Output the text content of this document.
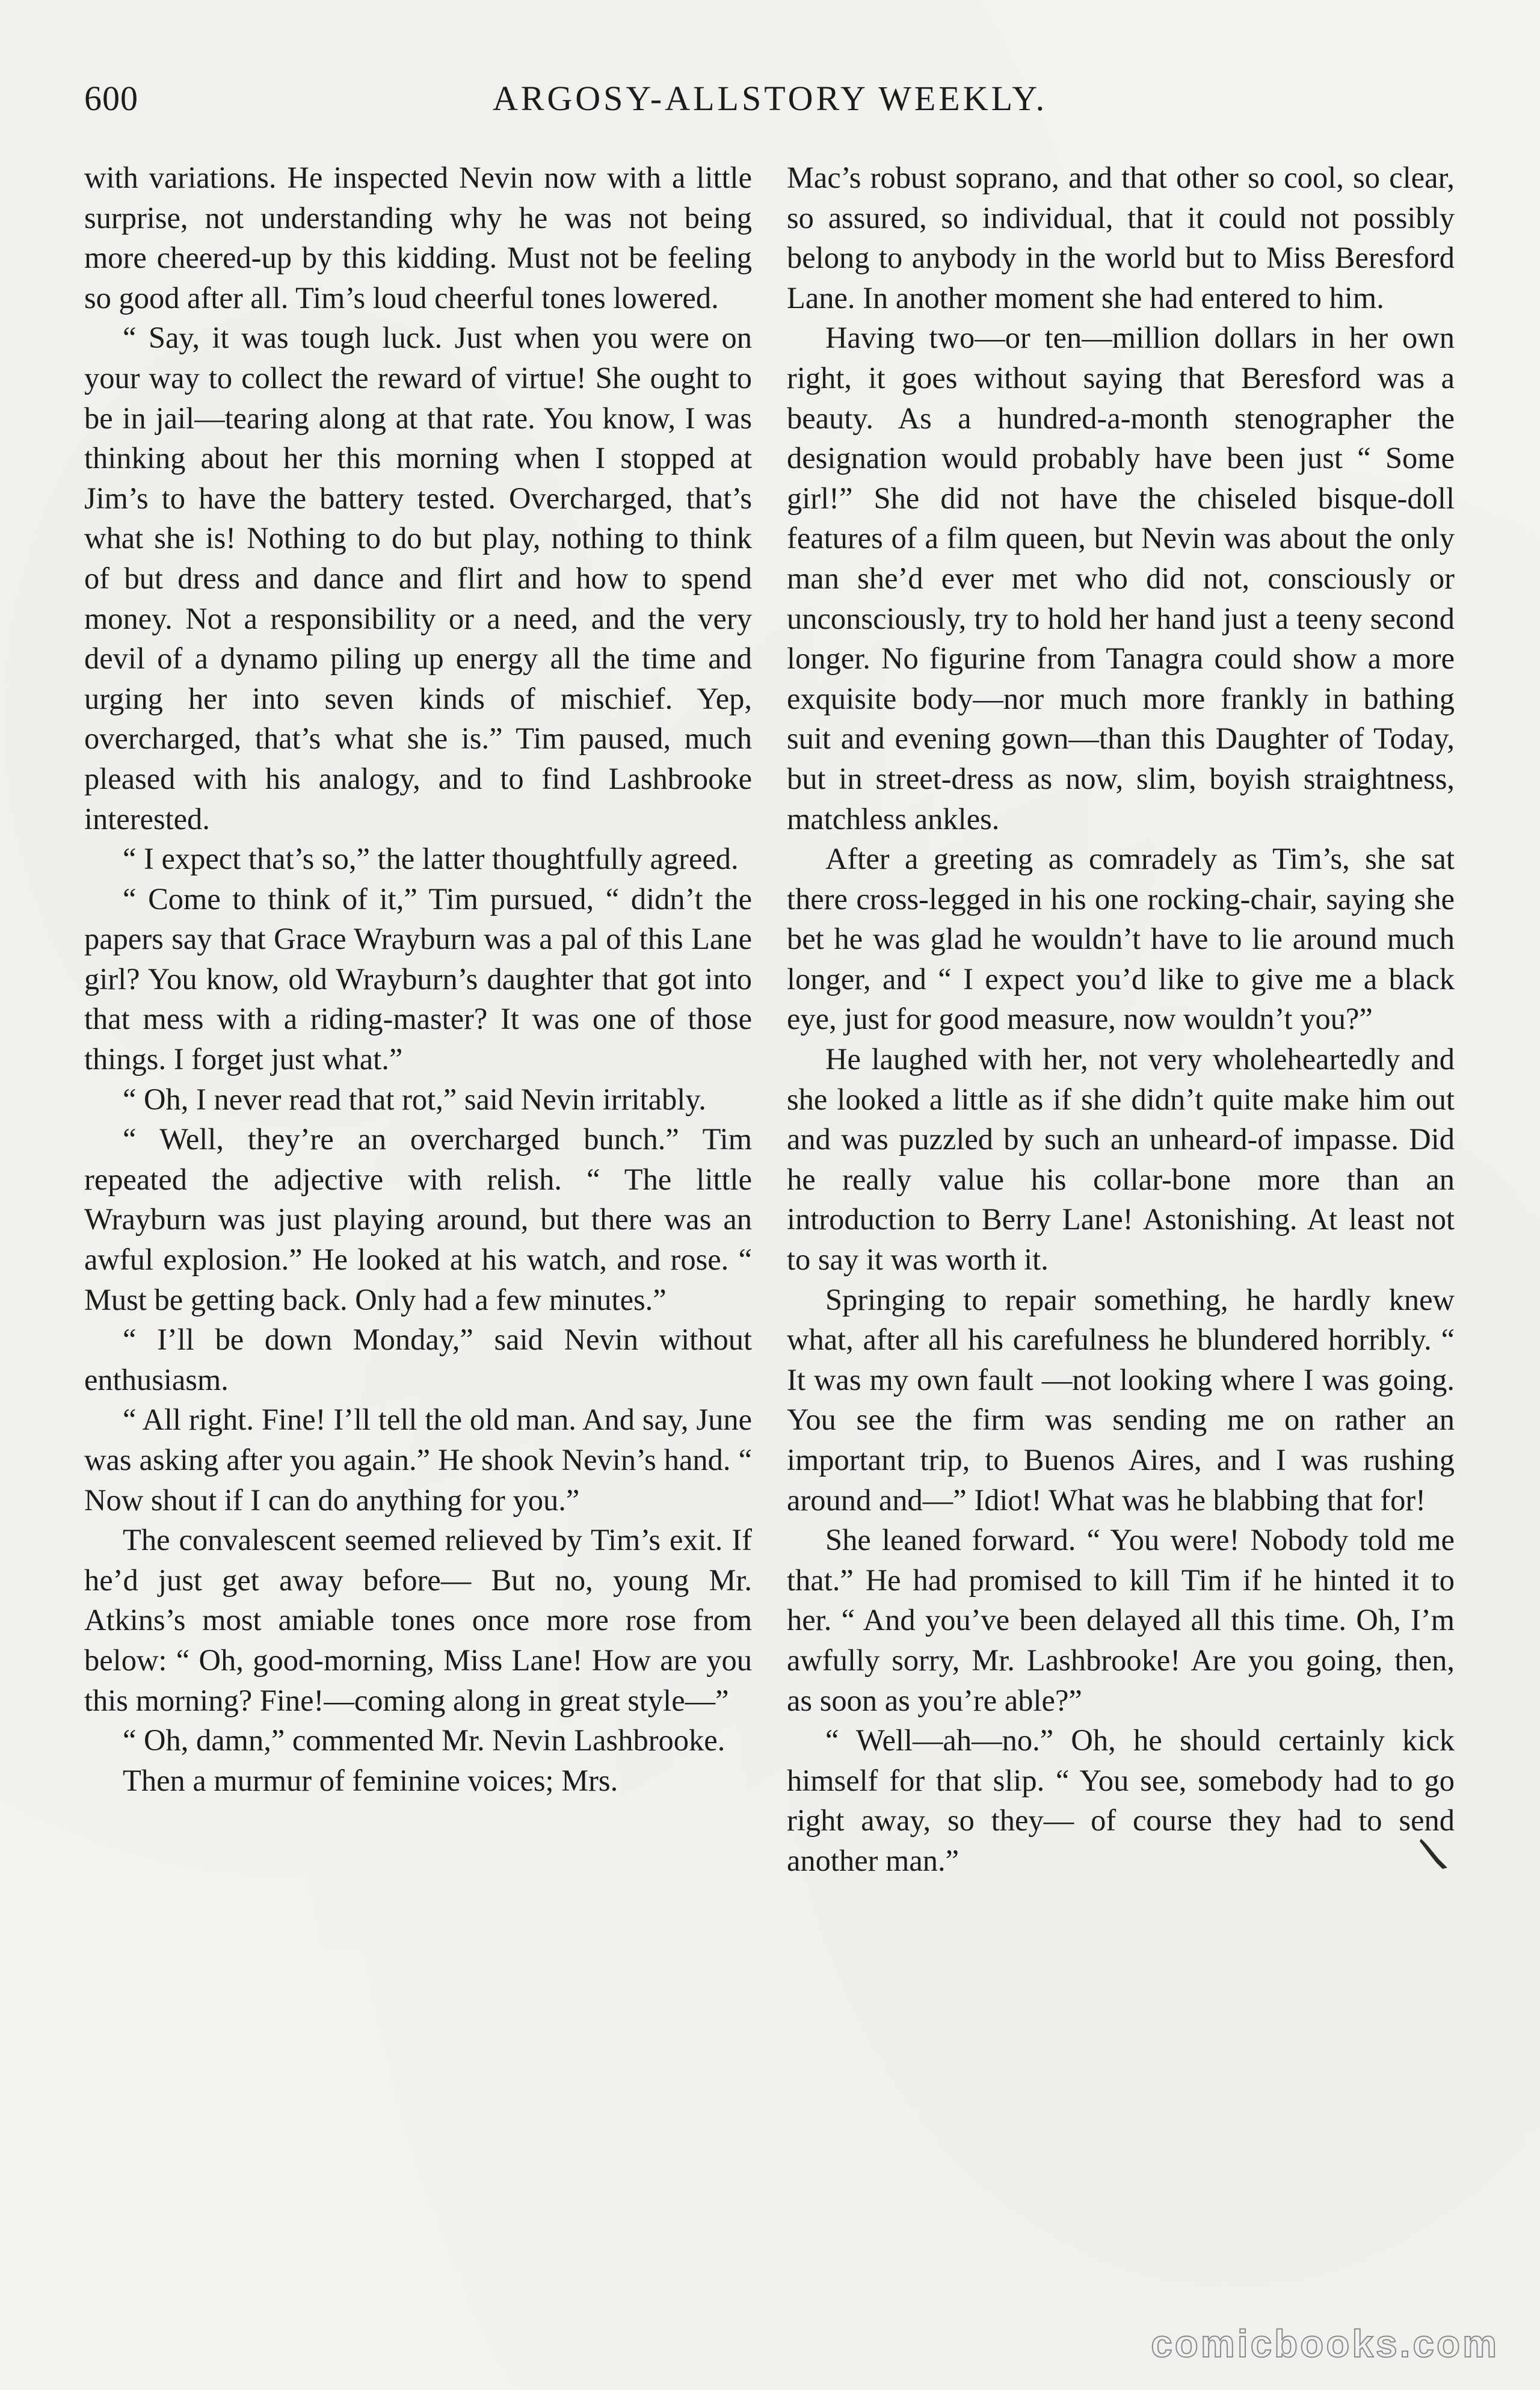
600	ARGOSY-ALLSTORY WEEKLY.

with variations. He inspected Nevin now with a little surprise, not understanding why he was not being more cheered-up by this kidding. Must not be feeling so good after all. Tim’s loud cheerful tones lowered.

“ Say, it was tough luck. Just when you were on your way to collect the reward of virtue! She ought to be in jail—tearing along at that rate. You know, I was thinking about her this morning when I stopped at Jim’s to have the battery tested. Overcharged, that’s what she is! Nothing to do but play, nothing to think of but dress and dance and flirt and how to spend money. Not a responsibility or a need, and the very devil of a dynamo piling up energy all the time and urging her into seven kinds of mischief. Yep, overcharged, that’s what she is.” Tim paused, much pleased with his analogy, and to find Lashbrooke interested.

“ I expect that’s so,” the latter thoughtfully agreed.

“ Come to think of it,” Tim pursued, “ didn’t the papers say that Grace Wrayburn was a pal of this Lane girl? You know, old Wrayburn’s daughter that got into that mess with a riding-master? It was one of those things. I forget just what.”

“ Oh, I never read that rot,” said Nevin irritably.

“ Well, they’re an overcharged bunch.” Tim repeated the adjective with relish. “ The little Wrayburn was just playing around, but there was an awful explosion.” He looked at his watch, and rose. “ Must be getting back. Only had a few minutes.”

“ I’ll be down Monday,” said Nevin without enthusiasm.

“ All right. Fine! I’ll tell the old man. And say, June was asking after you again.” He shook Nevin’s hand. “ Now shout if I can do anything for you.”

The convalescent seemed relieved by Tim’s exit. If he’d just get away before— But no, young Mr. Atkins’s most amiable tones once more rose from below: “ Oh, good-morning, Miss Lane! How are you this morning? Fine!—coming along in great style—”

“ Oh, damn,” commented Mr. Nevin Lashbrooke.

Then a murmur of feminine voices; Mrs.

Mac’s robust soprano, and that other so cool, so clear, so assured, so individual, that it could not possibly belong to anybody in the world but to Miss Beresford Lane. In another moment she had entered to him.

Having two—or ten—million dollars in her own right, it goes without saying that Beresford was a beauty. As a hundred-a-month stenographer the designation would probably have been just “ Some girl!” She did not have the chiseled bisque-doll features of a film queen, but Nevin was about the only man she’d ever met who did not, consciously or unconsciously, try to hold her hand just a teeny second longer. No figurine from Tanagra could show a more exquisite body—nor much more frankly in bathing suit and evening gown—than this Daughter of Today, but in street-dress as now, slim, boyish straightness, matchless ankles.

After a greeting as comradely as Tim’s, she sat there cross-legged in his one rocking-chair, saying she bet he was glad he wouldn’t have to lie around much longer, and “ I expect you’d like to give me a black eye, just for good measure, now wouldn’t you?”

He laughed with her, not very wholeheartedly and she looked a little as if she didn’t quite make him out and was puzzled by such an unheard-of impasse. Did he really value his collar-bone more than an introduction to Berry Lane! Astonishing. At least not to say it was worth it.

Springing to repair something, he hardly knew what, after all his carefulness he blundered horribly. “ It was my own fault —not looking where I was going. You see the firm was sending me on rather an important trip, to Buenos Aires, and I was rushing around and—” Idiot! What was he blabbing that for!

She leaned forward. “ You were! Nobody told me that.” He had promised to kill Tim if he hinted it to her. “ And you’ve been delayed all this time. Oh, I’m awfully sorry, Mr. Lashbrooke! Are you going, then, as soon as you’re able?”

“ Well—ah—no.” Oh, he should certainly kick himself for that slip. “ You see, somebody had to go right away, so they— of course they had to send another man.”

comicbooks.com
